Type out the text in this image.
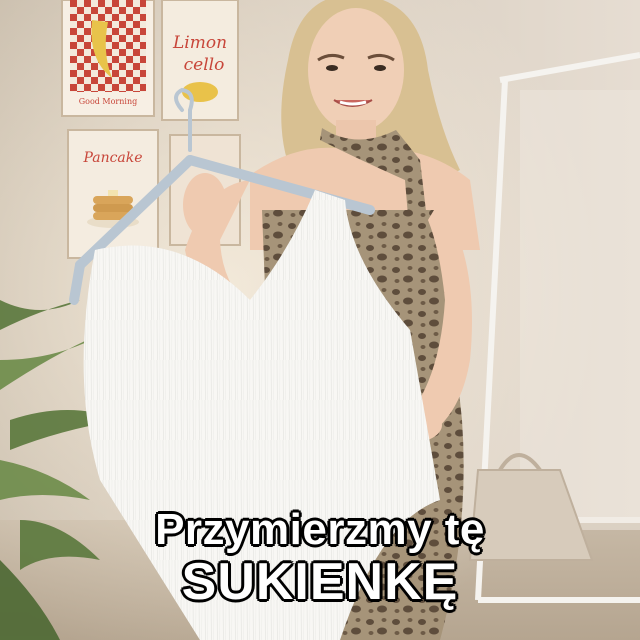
Good Morning
Limon
cello
Pancake
Przymierzmy tę
SUKIENKĘ
